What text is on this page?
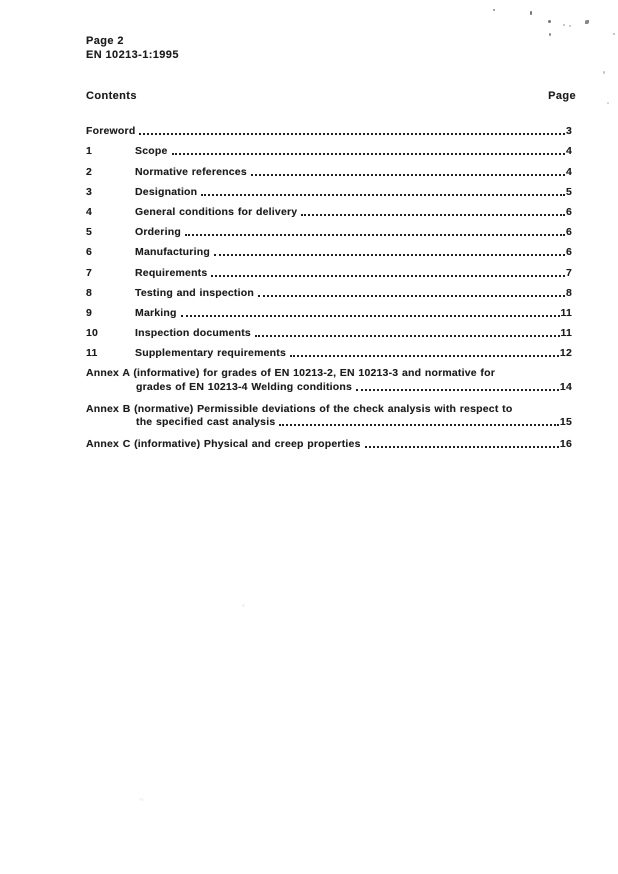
Page 2
EN 10213-1:1995
Contents	Page
Foreword	3
1	Scope	4
2	Normative references	4
3	Designation	5
4	General conditions for delivery	6
5	Ordering	6
6	Manufacturing	6
7	Requirements	7
8	Testing and inspection	8
9	Marking	11
10	Inspection documents	11
11	Supplementary requirements	12
Annex A (informative) for grades of EN 10213-2, EN 10213-3 and normative for
grades of EN 10213-4 Welding conditions	14
Annex B (normative) Permissible deviations of the check analysis with respect to
the specified cast analysis	15
Annex C (informative) Physical and creep properties	16
